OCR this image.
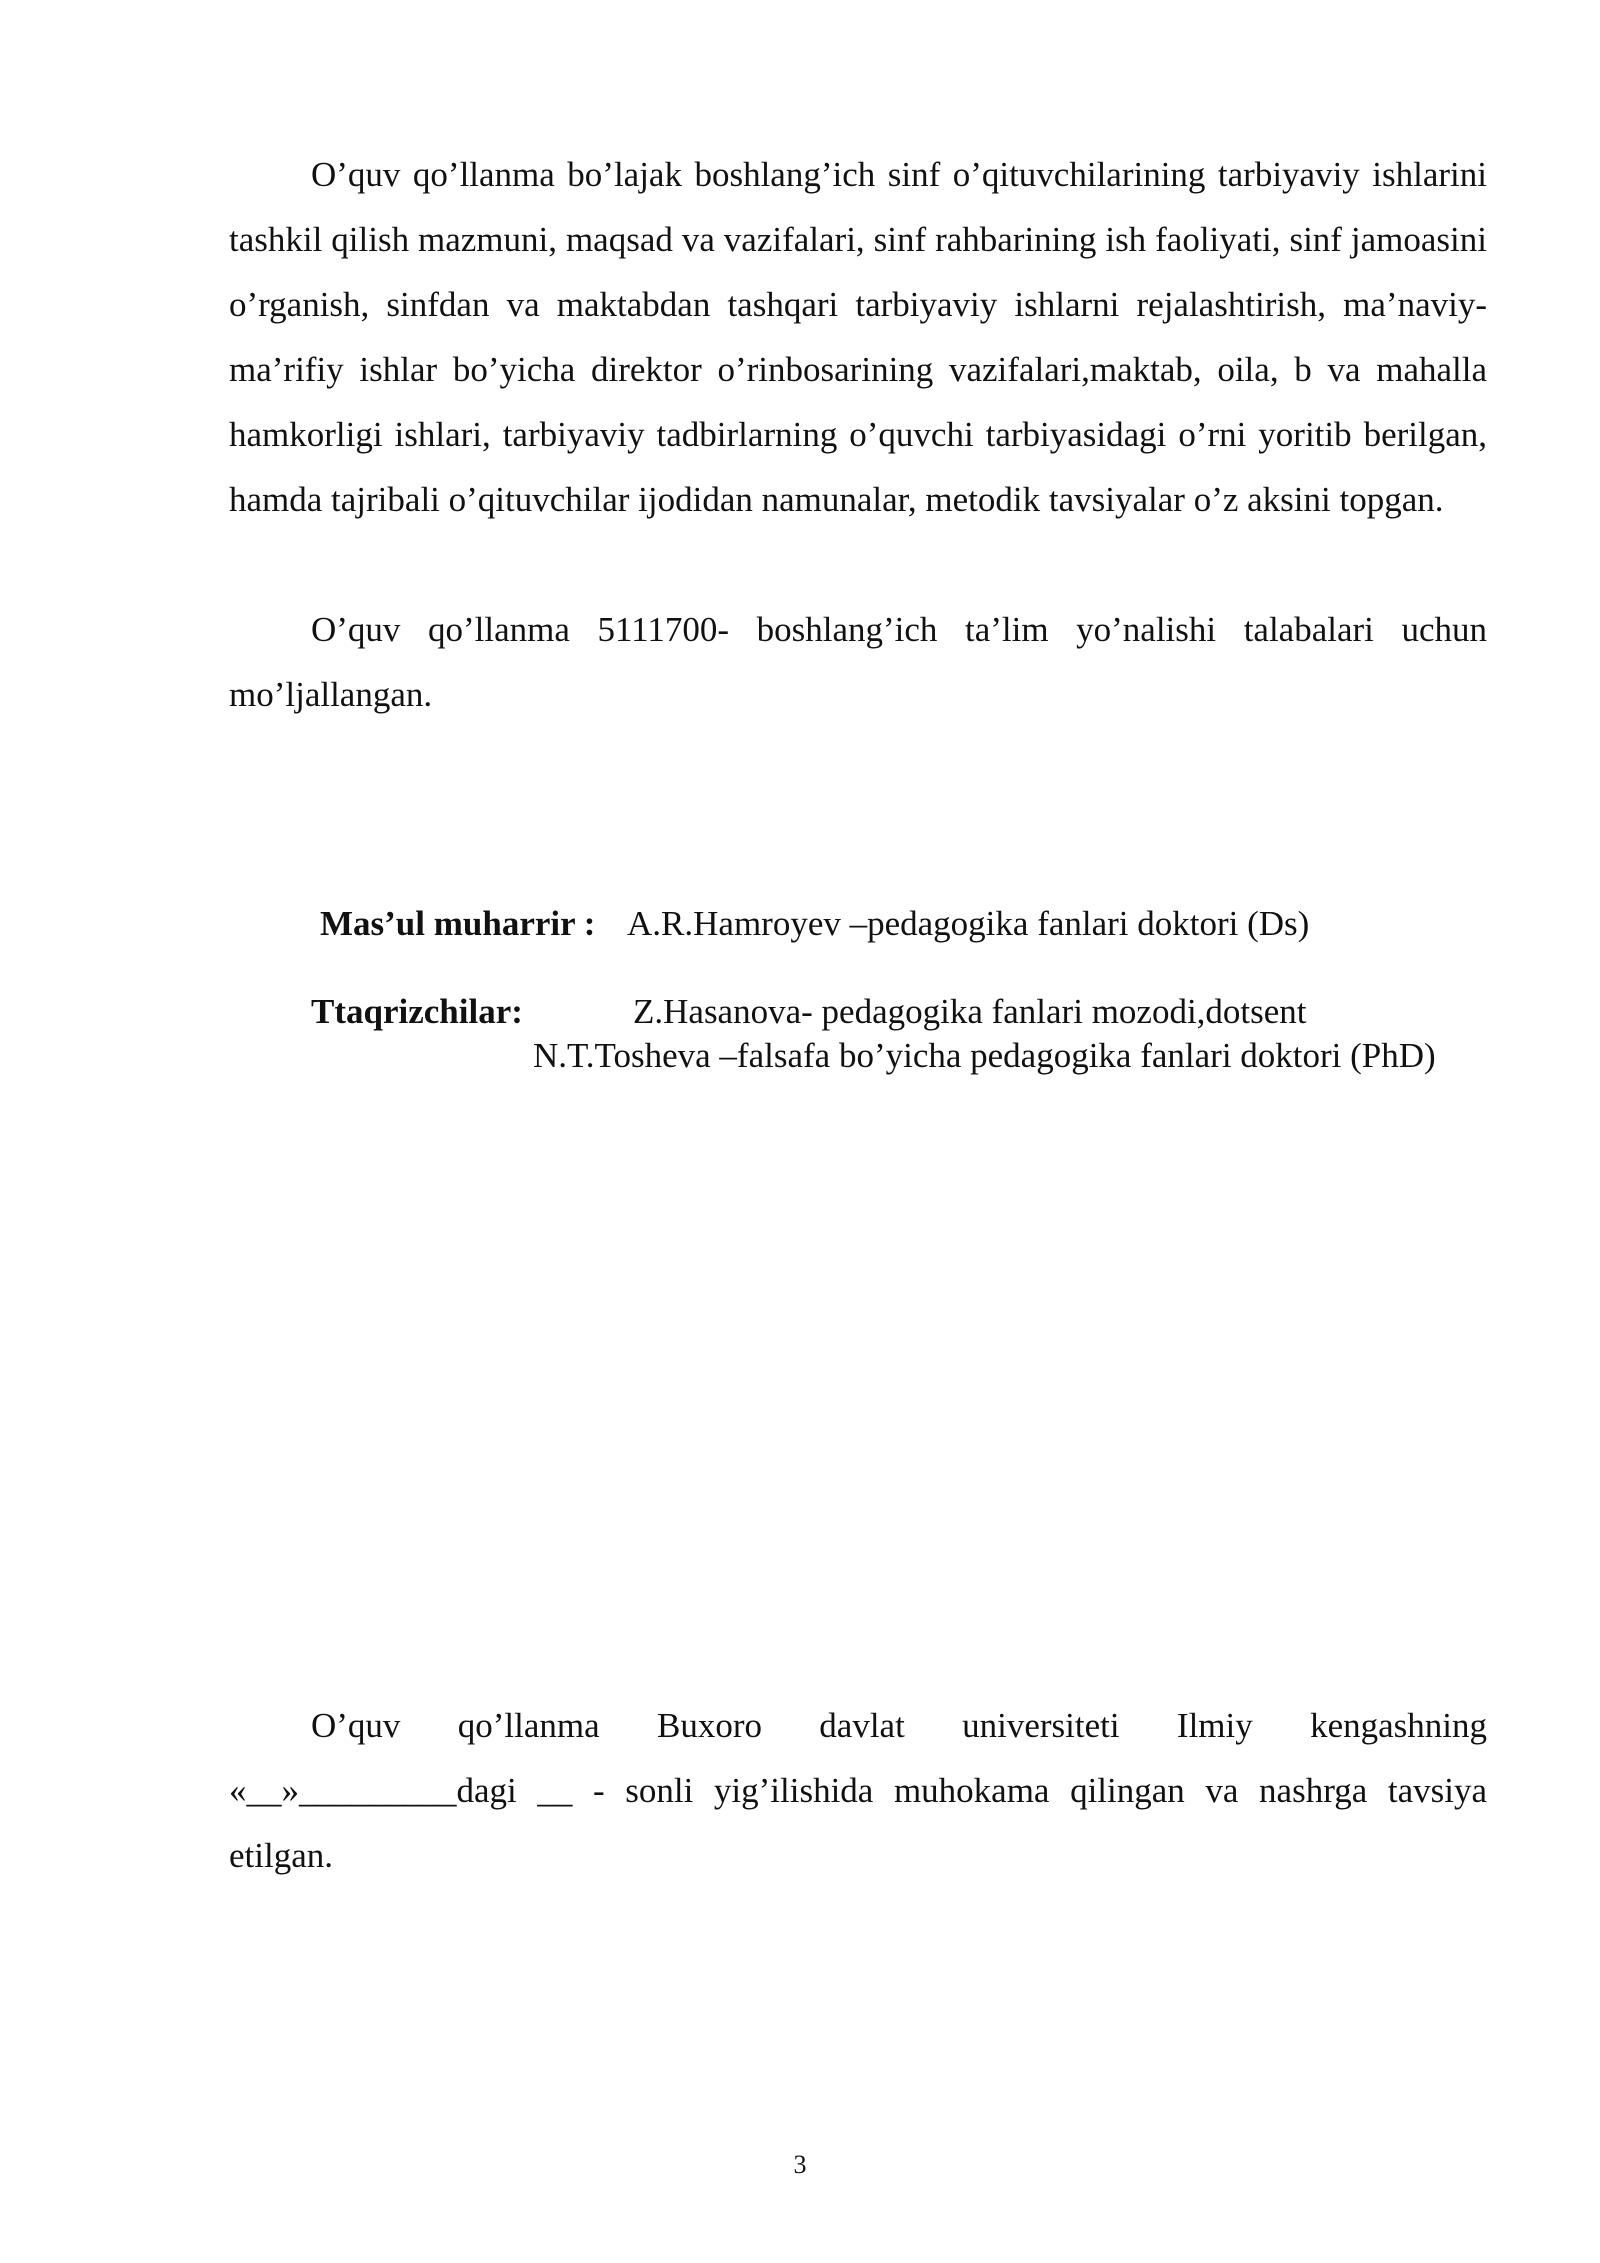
O’quv qo’llanma bo’lajak boshlang’ich sinf o’qituvchilarining tarbiyaviy ishlarini tashkil qilish mazmuni, maqsad va vazifalari, sinf rahbarining ish faoliyati, sinf jamoasini o’rganish, sinfdan va maktabdan tashqari tarbiyaviy ishlarni rejalashtirish, ma’naviy-ma’rifiy ishlar bo’yicha direktor o’rinbosarining vazifalari,maktab, oila, b va mahalla hamkorligi ishlari, tarbiyaviy tadbirlarning o’quvchi tarbiyasidagi o’rni yoritib berilgan, hamda tajribali o’qituvchilar ijodidan namunalar, metodik tavsiyalar o’z aksini topgan.

O’quv qo’llanma 5111700- boshlang’ich ta’lim yo’nalishi talabalari uchun mo’ljallangan.

Mas’ul muharrir : A.R.Hamroyev –pedagogika fanlari doktori (Ds)
Ttaqrizchilar:	Z.Hasanova- pedagogika fanlari mozodi,dotsent
N.T.Tosheva –falsafa bo’yicha pedagogika fanlari doktori (PhD)

O’quv qo’llanma Buxoro davlat universiteti Ilmiy kengashning «__»_________dagi __ - sonli yig’ilishida muhokama qilingan va nashrga tavsiya etilgan.

3
